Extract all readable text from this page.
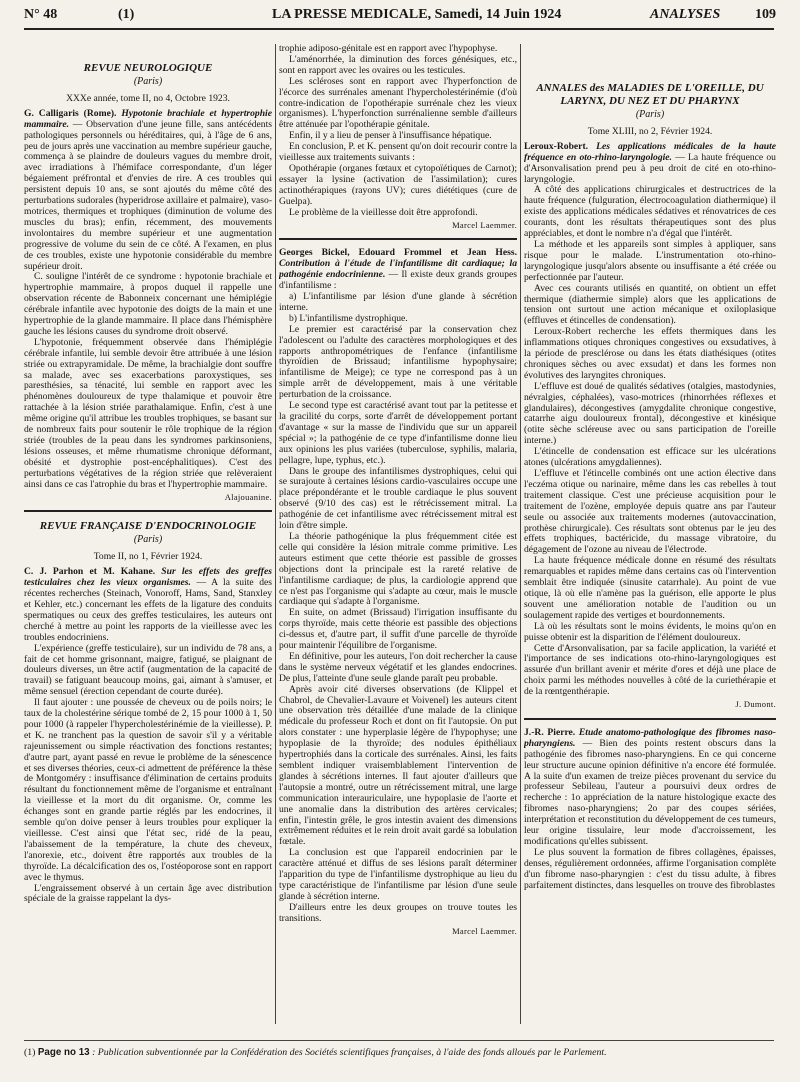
N° 48	(1)	LA PRESSE MEDICALE, Samedi, 14 Juin 1924	ANALYSES 109
REVUE NEUROLOGIQUE
(Paris)
XXXe année, tome II, no 4, Octobre 1923.

G. Calligaris (Rome). Hypotonie brachiale et hypertrophie mammaire. — Observation d'une jeune fille, sans antécédents pathologiques personnels ou héréditaires, qui, à l'âge de 6 ans, peu de jours après une vaccination au membre supérieur gauche, commença à se plaindre de douleurs vagues du membre droit, avec irradiations à l'hémiface correspondante, d'un léger bégaiement préfrontal et d'envies de rire. A ces troubles qui persistent depuis 10 ans, se sont ajoutés du même côté des perturbations sudorales (hyperidrose axillaire et palmaire), vaso-motrices, thermiques et trophiques (diminution de volume des muscles du bras); enfin, récemment, des mouvements involontaires du membre supérieur et une augmentation progressive de volume du sein de ce côté. A l'examen, en plus de ces troubles, existe une hypotonie considérable du membre supérieur droit.

C. souligne l'intérêt de ce syndrome : hypotonie brachiale et hypertrophie mammaire, à propos duquel il rappelle une observation récente de Babonneix concernant une hémiplégie cérébrale infantile avec hypotonie des doigts de la main et une hypertrophie de la glande mammaire. Il place dans l'hémisphère gauche les lésions causes du syndrome droit observé.

L'hypotonie, fréquemment observée dans l'hémiplégie cérébrale infantile, lui semble devoir être attribuée à une lésion striée ou extrapyramidale. De même, la brachialgie dont souffre sa malade, avec ses exacerbations paroxystiques, ses paresthésies, sa ténacité, lui semble en rapport avec les phénomènes douloureux de type thalamique et pouvoir être rattachée à la lésion striée parathalamique. Enfin, c'est à une même origine qu'il attribue les troubles trophiques, se basant sur de nombreux faits pour soutenir le rôle trophique de la région striée (troubles de la peau dans les syndromes parkinsoniens, lésions osseuses, et même rhumatisme chronique déformant, obésité et dystrophie post-encéphalitiques). C'est des perturbations végétatives de la région striée que relèveraient ainsi dans ce cas l'atrophie du bras et l'hypertrophie mammaire.

Alajouanine.
REVUE FRANÇAISE D'ENDOCRINOLOGIE
(Paris)
Tome II, no 1, Février 1924.

C. J. Parhon et M. Kahane. Sur les effets des greffes testiculaires chez les vieux organismes. — A la suite des récentes recherches (Steinach, Vonoroff, Hams, Sand, Stanxley et Kehler, etc.) concernant les effets de la ligature des conduits spermatiques ou ceux des greffes testiculaires, les auteurs ont cherché à mettre au point les rapports de la vieillesse avec les troubles endocriniens.

L'expérience (greffe testiculaire), sur un individu de 78 ans, a fait de cet homme grisonnant, maigre, fatigué, se plaignant de douleurs diverses, un être actif (augmentation de la capacité de travail) se fatiguant beaucoup moins, gai, aimant à s'amuser, et même sensuel (érection cependant de courte durée).

Il faut ajouter : une poussée de cheveux ou de poils noirs; le taux de la cholestérine sérique tombé de 2, 15 pour 1000 à 1, 50 pour 1000 (à rappeler l'hypercholestérinémie de la vieillesse). P. et K. ne tranchent pas la question de savoir s'il y a véritable rajeunissement ou simple réactivation des fonctions restantes; d'autre part, ayant passé en revue le problème de la sénescence et ses diverses théories, ceux-ci admettent de préférence la thèse de Montgoméry : insuffisance d'élimination de certains produits résultant du fonctionnement même de l'organisme et entraînant la vieillesse et la mort du dit organisme. Or, comme les échanges sont en grande partie réglés par les endocrines, il semble qu'on doive penser à leurs troubles pour expliquer la vieillesse. C'est ainsi que l'état sec, ridé de la peau, l'abaissement de la température, la chute des cheveux, l'anorexie, etc., doivent être rapportés aux troubles de la thyroïde. La décalcification des os, l'ostéoporose sont en rapport avec le thymus.

L'engraissement observé à un certain âge avec distribution spéciale de la graisse rappelant la dys-

trophie adiposo-génitale est en rapport avec l'hypophyse.

L'aménorrhée, la diminution des forces génésiques, etc., sont en rapport avec les ovaires ou les testicules.

Les scléroses sont en rapport avec l'hyperfonction de l'écorce des surrénales amenant l'hypercholestérinémie (d'où contre-indication de l'opothérapie surrénale chez les vieux organismes). L'hyperfonction surrénalienne semble d'ailleurs être atténuée par l'opothérapie génitale.

Enfin, il y a lieu de penser à l'insuffisance hépatique.

En conclusion, P. et K. pensent qu'on doit recourir contre la vieillesse aux traitements suivants :

Opothérapie (organes fœtaux et cytopoïétiques de Carnot); essayer la lysine (activation de l'assimilation); cures actinothérapiques (rayons UV); cures diététiques (cure de Guelpa).

Le problème de la vieillesse doit être approfondi.

Marcel Laemmer.

Georges Bickel, Edouard Frommel et Jean Hess. Contribution à l'étude de l'infantilisme dit cardiaque; la pathogénie endocrinienne. — Il existe deux grands groupes d'infantilisme :

a) L'infantilisme par lésion d'une glande à sécrétion interne.

b) L'infantilisme dystrophique.

Le premier est caractérisé par la conservation chez l'adolescent ou l'adulte des caractères morphologiques et des rapports anthropométriques de l'enfance (infantilisme thyroïdien de Brissaud; infantilisme hypophysaire; infantilisme de Meige); ce type ne correspond pas à un simple arrêt de développement, mais à une véritable perturbation de la croissance.

Le second type est caractérisé avant tout par la petitesse et la gracilité du corps, sorte d'arrêt de développement portant d'avantage « sur la masse de l'individu que sur un appareil spécial »; la pathogénie de ce type d'infantilisme donne lieu aux opinions les plus variées (tuberculose, syphilis, malaria, pellagre, lupe, typhus, etc.).

Dans le groupe des infantilismes dystrophiques, celui qui se surajoute à certaines lésions cardio-vasculaires occupe une place prépondérante et le trouble cardiaque le plus souvent observé (9/10 des cas) est le rétrécissement mitral. La pathogénie de cet infantilisme avec rétrécissement mitral est loin d'être simple.

La théorie pathogénique la plus fréquemment citée est celle qui considère la lésion mitrale comme primitive. Les auteurs estiment que cette théorie est passible de grosses objections dont la principale est la rareté relative de l'infantilisme cardiaque; de plus, la cardiologie apprend que ce n'est pas l'organisme qui s'adapte au cœur, mais le muscle cardiaque qui s'adapte à l'organisme.

En suite, on admet (Brissaud) l'irrigation insuffisante du corps thyroïde, mais cette théorie est passible des objections ci-dessus et, d'autre part, il suffit d'une parcelle de thyroïde pour maintenir l'équilibre de l'organisme.

En définitive, pour les auteurs, l'on doit rechercher la cause dans le système nerveux végétatif et les glandes endocrines. De plus, l'atteinte d'une seule glande paraît peu probable.

Après avoir cité diverses observations (de Klippel et Chabrol, de Chevalier-Lavaure et Voivenel) les auteurs citent une observation très détaillée d'une malade de la clinique médicale du professeur Roch et dont on fit l'autopsie. On put alors constater : une hyperplasie légère de l'hypophyse; une hypoplasie de la thyroïde; des nodules épithéliaux hypertrophiés dans la corticale des surrénales. Ainsi, les faits semblent indiquer vraisemblablement l'intervention de glandes à sécrétions internes. Il faut ajouter d'ailleurs que l'autopsie a montré, outre un rétrécissement mitral, une large communication interauriculaire, une hypoplasie de l'aorte et une anomalie dans la distribution des artères cervicales; enfin, l'intestin grêle, le gros intestin avaient des dimensions extrêmement réduites et le rein droit avait gardé sa lobulation fœtale.

La conclusion est que l'appareil endocrinien par le caractère atténué et diffus de ses lésions paraît déterminer l'apparition du type de l'infantilisme dystrophique au lieu du type caractéristique de l'infantilisme par lésion d'une seule glande à sécrétion interne.

D'ailleurs entre les deux groupes on trouve toutes les transitions.

Marcel Laemmer.
ANNALES des MALADIES DE L'OREILLE, DU LARYNX, DU NEZ ET DU PHARYNX
(Paris)
Tome XLIII, no 2, Février 1924.

Leroux-Robert. Les applications médicales de la haute fréquence en oto-rhino-laryngologie. — La haute fréquence ou d'Arsonvalisation prend peu à peu droit de cité en oto-rhino-laryngologie.

A côté des applications chirurgicales et destructrices de la haute fréquence (fulguration, électrocoagulation diathermique) il existe des applications médicales sédatives et rénovatrices de ces courants, dont les résultats thérapeutiques sont des plus appréciables, et dont le nombre n'a d'égal que l'intérêt.

La méthode et les appareils sont simples à appliquer, sans risque pour le malade. L'instrumentation oto-rhino-laryngologique jusqu'alors absente ou insuffisante a été créée ou perfectionnée par l'auteur.

Avec ces courants utilisés en quantité, on obtient un effet thermique (diathermie simple) alors que les applications de tension ont surtout une action mécanique et oxiloplasique (effluves et étincelles de condensation).

Leroux-Robert recherche les effets thermiques dans les inflammations otiques chroniques congestives ou exsudatives, à la période de presclérose ou dans les états diathésiques (otites chroniques sèches ou avec exsudat) et dans les formes non évolutives des laryngites chroniques.

L'effluve est doué de qualités sédatives (otalgies, mastodynies, névralgies, céphalées), vaso-motrices (rhinorrhées réflexes et glandulaires), décongestives (amygdalite chronique congestive, catarrhe aigu douloureux frontal), décongestive et kinésique (otite sèche scléreuse avec ou sans participation de l'oreille interne.)

L'étincelle de condensation est efficace sur les ulcérations atones (ulcérations amygdaliennes).

L'effluve et l'étincelle combinés ont une action élective dans l'eczéma otique ou narinaire, même dans les cas rebelles à tout traitement classique. C'est une précieuse acquisition pour le traitement de l'ozène, employée depuis quatre ans par l'auteur seule ou associée aux traitements modernes (autovaccination, prothèse chirurgicale). Ces résultats sont obtenus par le jeu des effets trophiques, bactéricide, du massage vibratoire, du dégagement de l'ozone au niveau de l'électrode.

La haute fréquence médicale donne en résumé des résultats remarquables et rapides même dans certains cas où l'intervention semblait être indiquée (sinusite catarrhale). Au point de vue otique, là où elle n'amène pas la guérison, elle apporte le plus souvent une amélioration notable de l'audition ou un soulagement rapide des vertiges et bourdonnements.

Là où les résultats sont le moins évidents, le moins qu'on en puisse obtenir est la disparition de l'élément douloureux.

Cette d'Arsonvalisation, par sa facile application, la variété et l'importance de ses indications oto-rhino-laryngologiques est assurée d'un brillant avenir et mérite d'ores et déjà une place de choix parmi les méthodes nouvelles à côté de la curiethérapie et de la rœntgenthérapie.

J. Dumont.

J.-R. Pierre. Etude anatomo-pathologique des fibromes naso-pharyngiens. — Bien des points restent obscurs dans la pathogénie des fibromes naso-pharyngiens. En ce qui concerne leur structure aucune opinion définitive n'a encore été formulée. A la suite d'un examen de treize pièces provenant du service du professeur Sebileau, l'auteur a poursuivi deux ordres de recherche : 1o appréciation de la nature histologique exacte des fibromes naso-pharyngiens; 2o par des coupes sériées, interprétation et reconstitution du développement de ces tumeurs, leur origine tissulaire, leur mode d'accroissement, les modifications qu'elles subissent.

Le plus souvent la formation de fibres collagènes, épaisses, denses, régulièrement ordonnées, affirme l'organisation complète d'un fibrome naso-pharyngien : c'est du tissu adulte, à fibres parfaitement distinctes, dans lesquelles on trouve des fibroblastes

(1) Page no 13 : Publication subventionnée par la Confédération des Sociétés scientifiques françaises, à l'aide des fonds alloués par le Parlement.
